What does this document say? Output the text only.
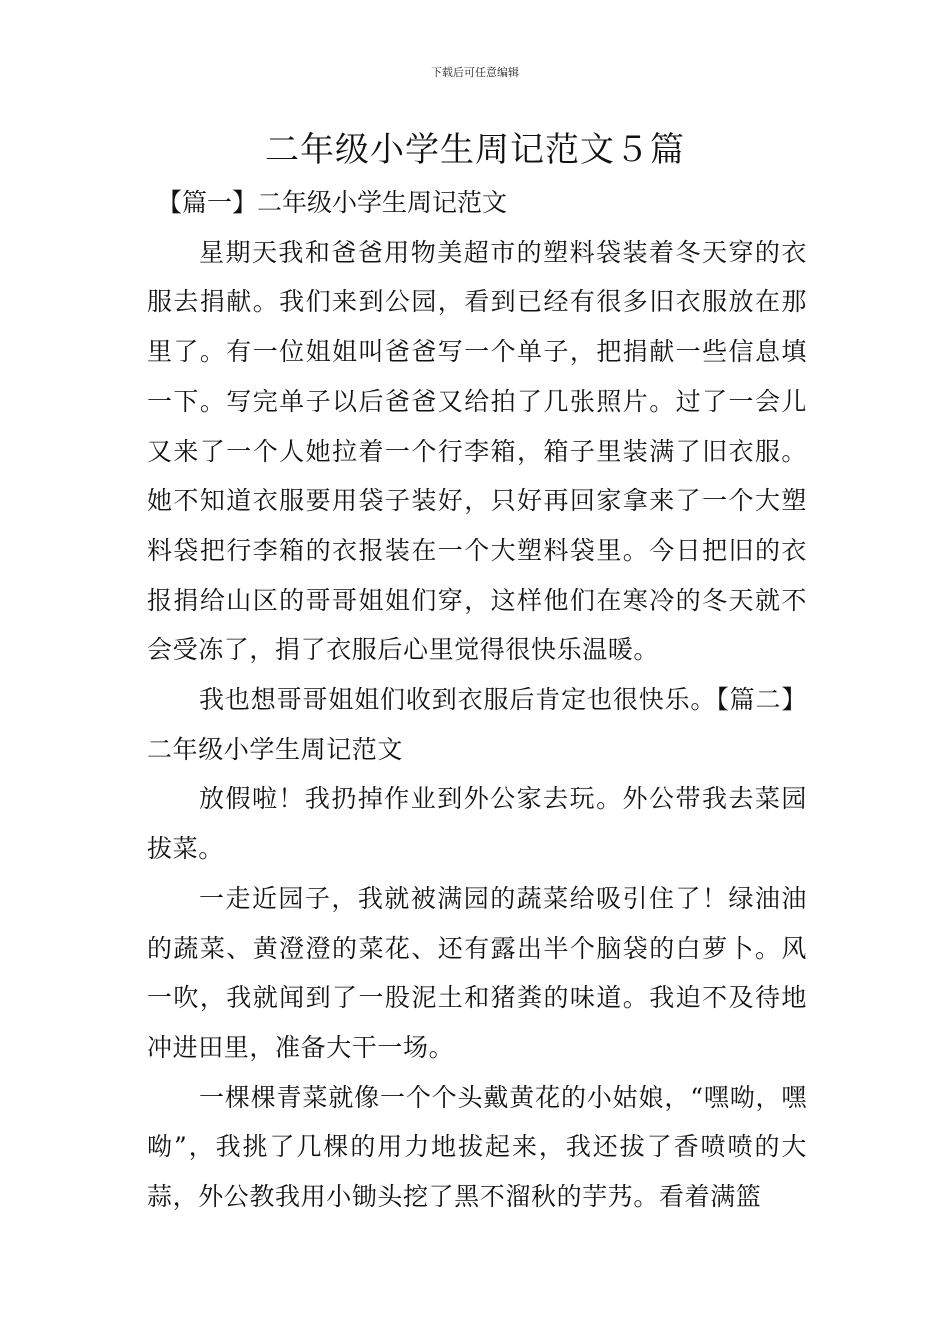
下载后可任意编辑
二年级小学生周记范文５篇

【篇一】二年级小学生周记范文

星期天我和爸爸用物美超市的塑料袋装着冬天穿的衣服去捐献。我们来到公园，看到已经有很多旧衣服放在那里了。有一位姐姐叫爸爸写一个单子，把捐献一些信息填一下。写完单子以后爸爸又给拍了几张照片。过了一会儿又来了一个人她拉着一个行李箱，箱子里装满了旧衣服。她不知道衣服要用袋子装好，只好再回家拿来了一个大塑料袋把行李箱的衣报装在一个大塑料袋里。今日把旧的衣报捐给山区的哥哥姐姐们穿，这样他们在寒冷的冬天就不会受冻了，捐了衣服后心里觉得很快乐温暖。

我也想哥哥姐姐们收到衣服后肯定也很快乐。【篇二】二年级小学生周记范文

放假啦！我扔掉作业到外公家去玩。外公带我去菜园拔菜。

一走近园子，我就被满园的蔬菜给吸引住了！绿油油的蔬菜、黄澄澄的菜花、还有露出半个脑袋的白萝卜。风一吹，我就闻到了一股泥土和猪粪的味道。我迫不及待地冲进田里，准备大干一场。

一棵棵青菜就像一个个头戴黄花的小姑娘，“嘿呦，嘿呦”，我挑了几棵的用力地拔起来，我还拔了香喷喷的大蒜，外公教我用小锄头挖了黑不溜秋的芋艿。看着满篮
